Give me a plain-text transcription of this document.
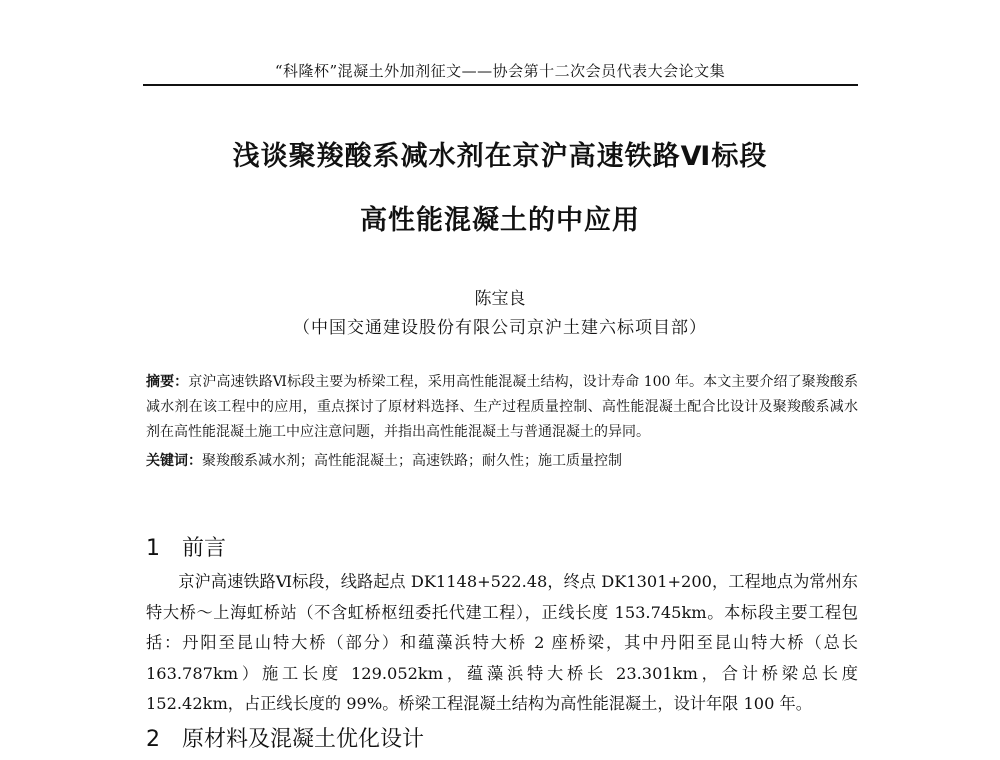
“科隆杯”混凝土外加剂征文——协会第十二次会员代表大会论文集
浅谈聚羧酸系减水剂在京沪高速铁路Ⅵ标段
高性能混凝土的中应用
陈宝良
（中国交通建设股份有限公司京沪土建六标项目部）
摘要：京沪高速铁路Ⅵ标段主要为桥梁工程，采用高性能混凝土结构，设计寿命 100 年。本文主要介绍了聚羧酸系减水剂在该工程中的应用，重点探讨了原材料选择、生产过程质量控制、高性能混凝土配合比设计及聚羧酸系减水剂在高性能混凝土施工中应注意问题，并指出高性能混凝土与普通混凝土的异同。
关键词：聚羧酸系减水剂；高性能混凝土；高速铁路；耐久性；施工质量控制
1 前言
京沪高速铁路Ⅵ标段，线路起点 DK1148+522.48，终点 DK1301+200，工程地点为常州东特大桥～上海虹桥站（不含虹桥枢纽委托代建工程），正线长度 153.745km。本标段主要工程包括：丹阳至昆山特大桥（部分）和蕴藻浜特大桥 2 座桥梁，其中丹阳至昆山特大桥（总长 163.787km）施工长度 129.052km，蕴藻浜特大桥长 23.301km，合计桥梁总长度 152.42km，占正线长度的 99%。桥梁工程混凝土结构为高性能混凝土，设计年限 100 年。
2 原材料及混凝土优化设计
